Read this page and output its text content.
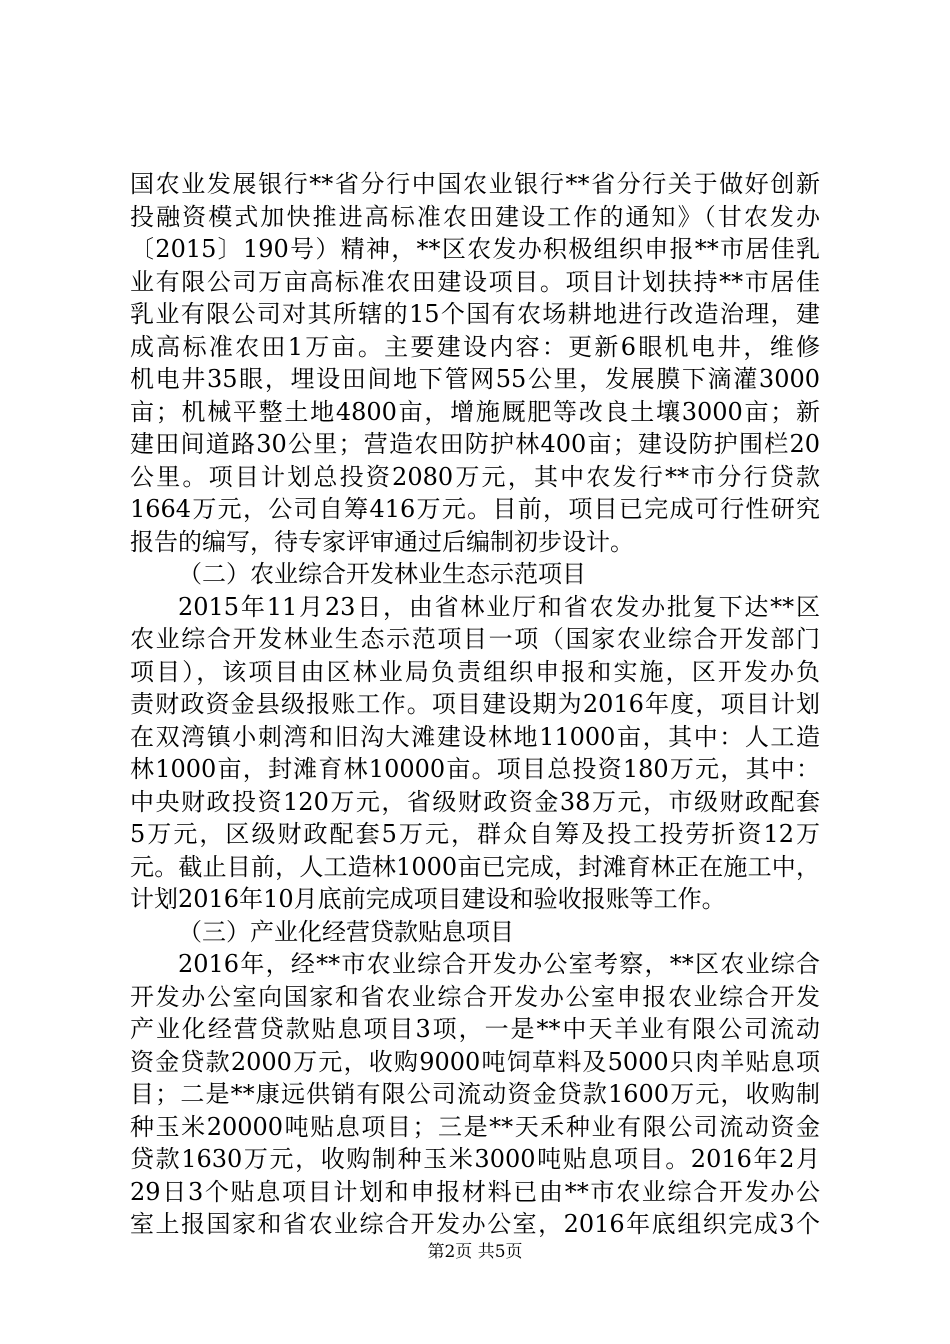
国农业发展银行**省分行中国农业银行**省分行关于做好创新
投融资模式加快推进高标准农田建设工作的通知》（甘农发办
〔2015〕190号）精神，**区农发办积极组织申报**市居佳乳
业有限公司万亩高标准农田建设项目。项目计划扶持**市居佳
乳业有限公司对其所辖的15个国有农场耕地进行改造治理，建
成高标准农田1万亩。主要建设内容：更新6眼机电井，维修
机电井35眼，埋设田间地下管网55公里，发展膜下滴灌3000
亩；机械平整土地4800亩，增施厩肥等改良土壤3000亩；新
建田间道路30公里；营造农田防护林400亩；建设防护围栏20
公里。项目计划总投资2080万元，其中农发行**市分行贷款
1664万元，公司自筹416万元。目前，项目已完成可行性研究
报告的编写，待专家评审通过后编制初步设计。
（二）农业综合开发林业生态示范项目
2015年11月23日，由省林业厅和省农发办批复下达**区
农业综合开发林业生态示范项目一项（国家农业综合开发部门
项目），该项目由区林业局负责组织申报和实施，区开发办负
责财政资金县级报账工作。项目建设期为2016年度，项目计划
在双湾镇小刺湾和旧沟大滩建设林地11000亩，其中：人工造
林1000亩，封滩育林10000亩。项目总投资180万元，其中：
中央财政投资120万元，省级财政资金38万元，市级财政配套
5万元，区级财政配套5万元，群众自筹及投工投劳折资12万
元。截止目前，人工造林1000亩已完成，封滩育林正在施工中，
计划2016年10月底前完成项目建设和验收报账等工作。
（三）产业化经营贷款贴息项目
2016年，经**市农业综合开发办公室考察，**区农业综合
开发办公室向国家和省农业综合开发办公室申报农业综合开发
产业化经营贷款贴息项目3项，一是**中天羊业有限公司流动
资金贷款2000万元，收购9000吨饲草料及5000只肉羊贴息项
目；二是**康远供销有限公司流动资金贷款1600万元，收购制
种玉米20000吨贴息项目；三是**天禾种业有限公司流动资金
贷款1630万元，收购制种玉米3000吨贴息项目。2016年2月
29日3个贴息项目计划和申报材料已由**市农业综合开发办公
室上报国家和省农业综合开发办公室，2016年底组织完成3个
第2页 共5页
